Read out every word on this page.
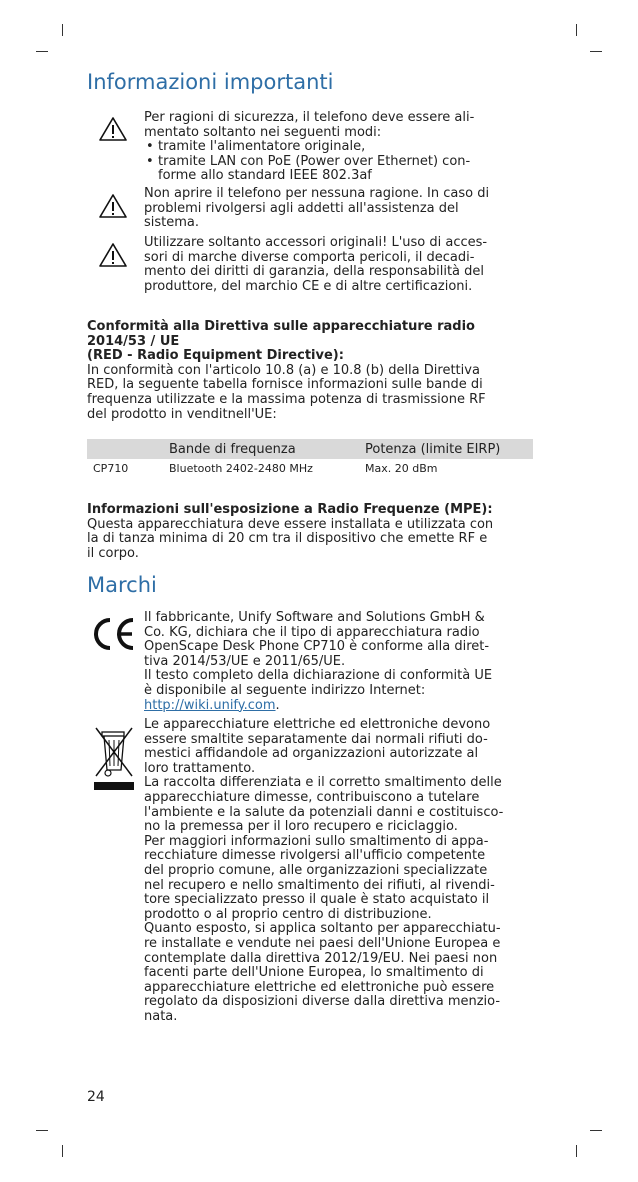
Informazioni importanti
Per ragioni di sicurezza, il telefono deve essere ali-
mentato soltanto nei seguenti modi:
• tramite l'alimentatore originale,
• tramite LAN con PoE (Power over Ethernet) con-
forme allo standard IEEE 802.3af
Non aprire il telefono per nessuna ragione. In caso di
problemi rivolgersi agli addetti all'assistenza del
sistema.
Utilizzare soltanto accessori originali! L'uso di acces-
sori di marche diverse comporta pericoli, il decadi-
mento dei diritti di garanzia, della responsabilità del
produttore, del marchio CE e di altre certificazioni.
Conformità alla Direttiva sulle apparecchiature radio
2014/53 / UE
(RED - Radio Equipment Directive):
In conformità con l'articolo 10.8 (a) e 10.8 (b) della Direttiva
RED, la seguente tabella fornisce informazioni sulle bande di
frequenza utilizzate e la massima potenza di trasmissione RF
del prodotto in venditnell'UE:
	Bande di frequenza	Potenza (limite EIRP)
CP710	Bluetooth 2402-2480 MHz	Max. 20 dBm
Informazioni sull'esposizione a Radio Frequenze (MPE):
Questa apparecchiatura deve essere installata e utilizzata con
la di tanza minima di 20 cm tra il dispositivo che emette RF e
il corpo.
Marchi
Il fabbricante, Unify Software and Solutions GmbH &
Co. KG, dichiara che il tipo di apparecchiatura radio
OpenScape Desk Phone CP710 è conforme alla diret-
tiva 2014/53/UE e 2011/65/UE.
Il testo completo della dichiarazione di conformità UE
è disponibile al seguente indirizzo Internet:
http://wiki.unify.com.
Le apparecchiature elettriche ed elettroniche devono
essere smaltite separatamente dai normali rifiuti do-
mestici affidandole ad organizzazioni autorizzate al
loro trattamento.
La raccolta differenziata e il corretto smaltimento delle
apparecchiature dimesse, contribuiscono a tutelare
l'ambiente e la salute da potenziali danni e costituisco-
no la premessa per il loro recupero e riciclaggio.
Per maggiori informazioni sullo smaltimento di appa-
recchiature dimesse rivolgersi all'ufficio competente
del proprio comune, alle organizzazioni specializzate
nel recupero e nello smaltimento dei rifiuti, al rivendi-
tore specializzato presso il quale è stato acquistato il
prodotto o al proprio centro di distribuzione.
Quanto esposto, si applica soltanto per apparecchiatu-
re installate e vendute nei paesi dell'Unione Europea e
contemplate dalla direttiva 2012/19/EU. Nei paesi non
facenti parte dell'Unione Europea, lo smaltimento di
apparecchiature elettriche ed elettroniche può essere
regolato da disposizioni diverse dalla direttiva menzio-
nata.
24
